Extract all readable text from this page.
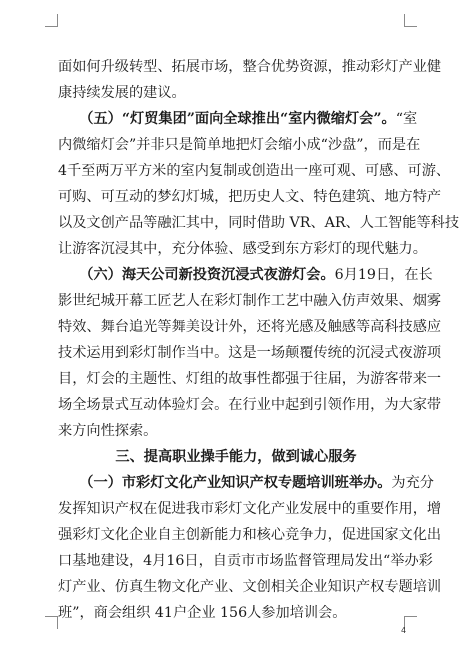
面如何升级转型、拓展市场，整合优势资源，推动彩灯产业健
康持续发展的建议。
　　（五）“灯贸集团”面向全球推出“室内微缩灯会”。“室
内微缩灯会”并非只是简单地把灯会缩小成“沙盘”，而是在
4千至两万平方米的室内复制或创造出一座可观、可感、可游、
可购、可互动的梦幻灯城，把历史人文、特色建筑、地方特产
以及文创产品等融汇其中，同时借助 VR、AR、人工智能等科技
让游客沉浸其中，充分体验、感受到东方彩灯的现代魅力。
　　（六）海天公司新投资沉浸式夜游灯会。6月19日，在长
影世纪城开幕工匠艺人在彩灯制作工艺中融入仿声效果、烟雾
特效、舞台追光等舞美设计外，还将光感及触感等高科技感应
技术运用到彩灯制作当中。这是一场颠覆传统的沉浸式夜游项
目，灯会的主题性、灯组的故事性都强于往届，为游客带来一
场全场景式互动体验灯会。在行业中起到引领作用，为大家带
来方向性探索。
三、提高职业操手能力，做到诚心服务
　　（一）市彩灯文化产业知识产权专题培训班举办。为充分
发挥知识产权在促进我市彩灯文化产业发展中的重要作用，增
强彩灯文化企业自主创新能力和核心竞争力，促进国家文化出
口基地建设，4月16日，自贡市市场监督管理局发出“举办彩
灯产业、仿真生物文化产业、文创相关企业知识产权专题培训
班”，商会组织 41户企业 156人参加培训会。
4
